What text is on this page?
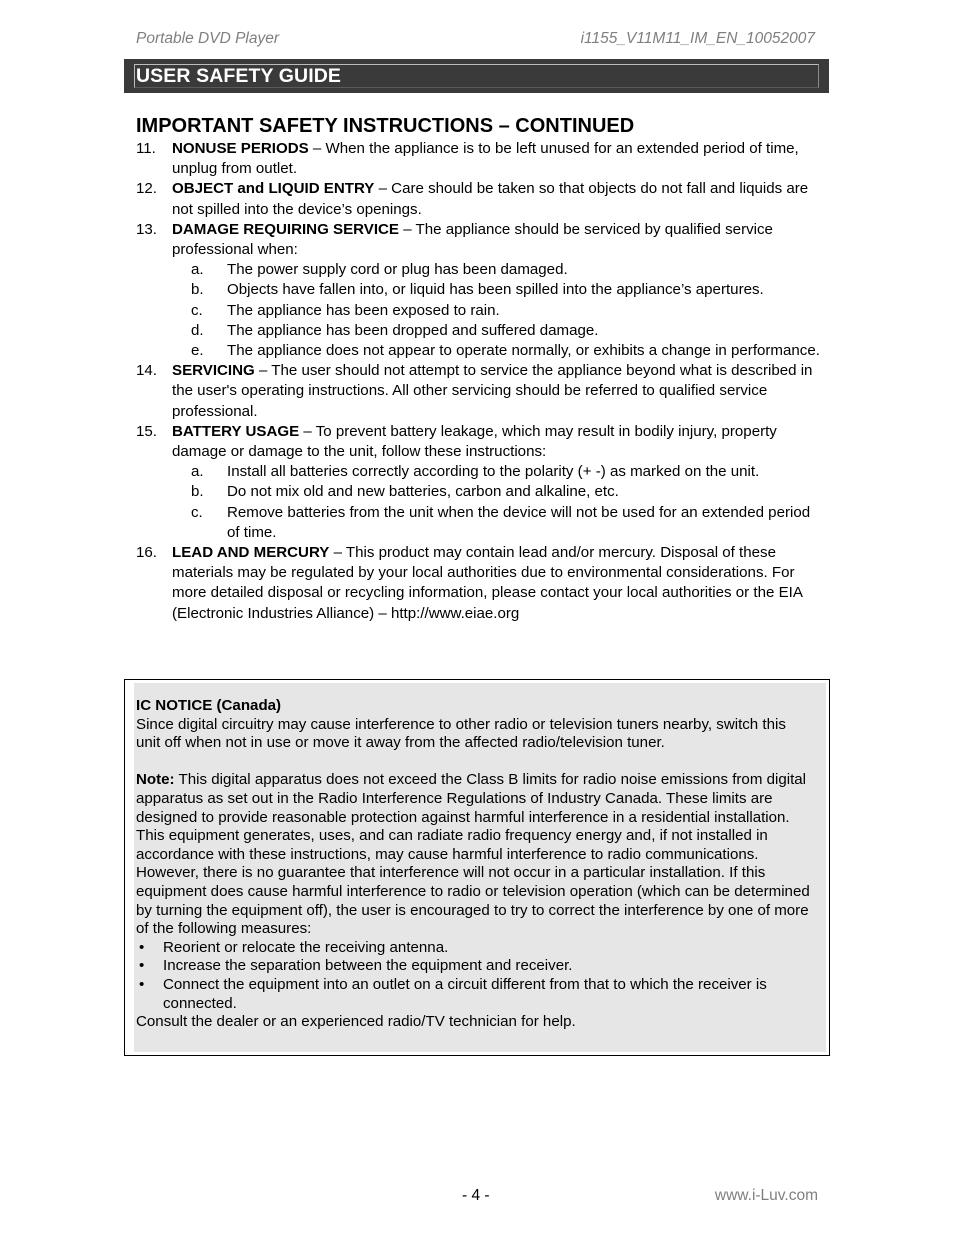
Portable DVD Player	i1155_V11M11_IM_EN_10052007
USER SAFETY GUIDE
IMPORTANT SAFETY INSTRUCTIONS – CONTINUED
11. NONUSE PERIODS – When the appliance is to be left unused for an extended period of time, unplug from outlet.
12. OBJECT and LIQUID ENTRY – Care should be taken so that objects do not fall and liquids are not spilled into the device’s openings.
13. DAMAGE REQUIRING SERVICE – The appliance should be serviced by qualified service professional when:
a. The power supply cord or plug has been damaged.
b. Objects have fallen into, or liquid has been spilled into the appliance’s apertures.
c. The appliance has been exposed to rain.
d. The appliance has been dropped and suffered damage.
e. The appliance does not appear to operate normally, or exhibits a change in performance.
14. SERVICING – The user should not attempt to service the appliance beyond what is described in the user's operating instructions. All other servicing should be referred to qualified service professional.
15. BATTERY USAGE – To prevent battery leakage, which may result in bodily injury, property damage or damage to the unit, follow these instructions:
a. Install all batteries correctly according to the polarity (+ -) as marked on the unit.
b. Do not mix old and new batteries, carbon and alkaline, etc.
c. Remove batteries from the unit when the device will not be used for an extended period of time.
16. LEAD AND MERCURY – This product may contain lead and/or mercury. Disposal of these materials may be regulated by your local authorities due to environmental considerations. For more detailed disposal or recycling information, please contact your local authorities or the EIA (Electronic Industries Alliance) – http://www.eiae.org

IC NOTICE (Canada)

Since digital circuitry may cause interference to other radio or television tuners nearby, switch this unit off when not in use or move it away from the affected radio/television tuner.

Note: This digital apparatus does not exceed the Class B limits for radio noise emissions from digital apparatus as set out in the Radio Interference Regulations of Industry Canada. These limits are designed to provide reasonable protection against harmful interference in a residential installation. This equipment generates, uses, and can radiate radio frequency energy and, if not installed in accordance with these instructions, may cause harmful interference to radio communications. However, there is no guarantee that interference will not occur in a particular installation. If this equipment does cause harmful interference to radio or television operation (which can be determined by turning the equipment off), the user is encouraged to try to correct the interference by one of more of the following measures:

• Reorient or relocate the receiving antenna.
• Increase the separation between the equipment and receiver.
• Connect the equipment into an outlet on a circuit different from that to which the receiver is connected.

Consult the dealer or an experienced radio/TV technician for help.

- 4 -	www.i-Luv.com
